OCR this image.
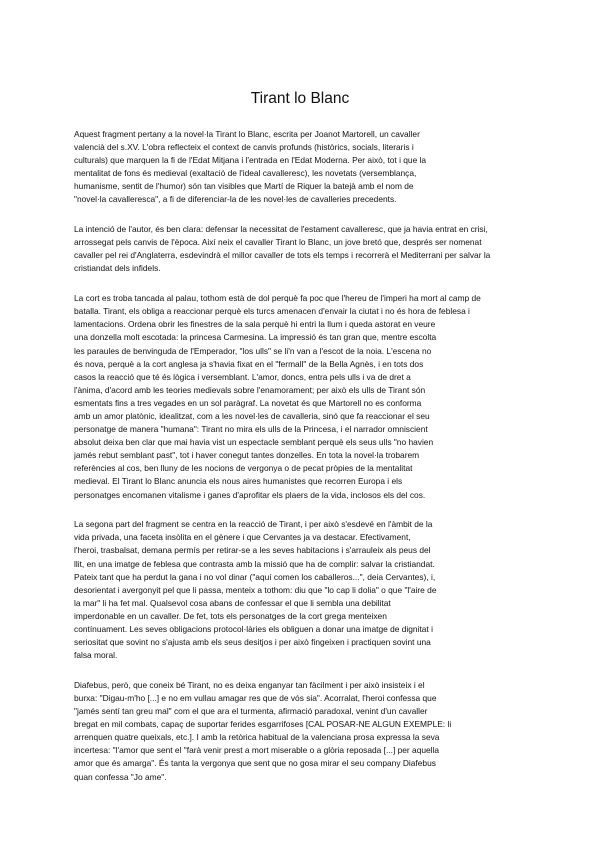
Tirant lo Blanc

Aquest fragment pertany a la novel·la Tirant lo Blanc, escrita per Joanot Martorell, un cavaller
valencià del s.XV. L'obra reflecteix el context de canvis profunds (històrics, socials, literaris i
culturals) que marquen la fi de l'Edat Mitjana i l'entrada en l'Edat Moderna. Per això, tot i que la
mentalitat de fons és medieval (exaltació de l'ideal cavalleresc), les novetats (versemblança,
humanisme, sentit de l'humor) són tan visibles que Martí de Riquer la batejà amb el nom de
"novel·la cavalleresca", a fi de diferenciar-la de les novel·les de cavalleries precedents.

La intenció de l'autor, és ben clara: defensar la necessitat de l'estament cavalleresc, que ja havia entrat en crisi,
arrossegat pels canvis de l'època. Així neix el cavaller Tirant lo Blanc, un jove bretó que, després ser nomenat
cavaller pel rei d'Anglaterra, esdevindrà el millor cavaller de tots els temps i recorrerà el Mediterrani per salvar la
cristiandat dels infidels.

La cort es troba tancada al palau, tothom està de dol perquè fa poc que l'hereu de l'imperi ha mort al camp de
batalla. Tirant, els obliga a reaccionar perquè els turcs amenacen d'envair la ciutat i no és hora de feblesa i
lamentacions. Ordena obrir les finestres de la sala perquè hi entri la llum i queda astorat en veure
una donzella molt escotada: la princesa Carmesina. La impressió és tan gran que, mentre escolta
les paraules de benvinguda de l'Emperador, "los ulls" se li'n van a l'escot de la noia. L'escena no
és nova, perquè a la cort anglesa ja s'havia fixat en el "fermall" de la Bella Agnès, i en tots dos
casos la reacció que té és lògica i versemblant. L'amor, doncs, entra pels ulls i va de dret a
l'ànima, d'acord amb les teories medievals sobre l'enamorament; per això els ulls de Tirant són
esmentats fins a tres vegades en un sol paràgraf. La novetat és que Martorell no es conforma
amb un amor platònic, idealitzat, com a les novel·les de cavalleria, sinó que fa reaccionar el seu
personatge de manera "humana": Tirant no mira els ulls de la Princesa, i el narrador omniscient
absolut deixa ben clar que mai havia vist un espectacle semblant perquè els seus ulls "no havien
jamés rebut semblant past", tot i haver conegut tantes donzelles. En tota la novel·la trobarem
referències al cos, ben lluny de les nocions de vergonya o de pecat pròpies de la mentalitat
medieval. El Tirant lo Blanc anuncia els nous aires humanistes que recorren Europa i els
personatges encomanen vitalisme i ganes d'aprofitar els plaers de la vida, inclosos els del cos.

La segona part del fragment se centra en la reacció de Tirant, i per això s'esdevé en l'àmbit de la
vida privada, una faceta insòlita en el gènere i que Cervantes ja va destacar. Efectivament,
l'heroi, trasbalsat, demana permís per retirar-se a les seves habitacions i s'arrauleix als peus del
llit, en una imatge de feblesa que contrasta amb la missió que ha de complir: salvar la cristiandat.
Pateix tant que ha perdut la gana i no vol dinar ("aquí comen los caballeros...", deia Cervantes), i,
desorientat i avergonyit pel que li passa, menteix a tothom: diu que "lo cap li dolia" o que "l'aire de
la mar" li ha fet mal. Qualsevol cosa abans de confessar el que li sembla una debilitat
imperdonable en un cavaller. De fet, tots els personatges de la cort grega menteixen
contínuament. Les seves obligacions protocol·làries els obliguen a donar una imatge de dignitat i
seriositat que sovint no s'ajusta amb els seus desitjos i per això fingeixen i practiquen sovint una
falsa moral.

Diafebus, però, que coneix bé Tirant, no es deixa enganyar tan fàcilment i per això insisteix i el
burxa: "Digau-m'ho [...] e no em vullau amagar res que de vós sia". Acorralat, l'heroi confessa que
"jamés sentí tan greu mal" com el que ara el turmenta, afirmació paradoxal, venint d'un cavaller
bregat en mil combats, capaç de suportar ferides esgarrifoses [CAL POSAR-NE ALGUN EXEMPLE: li
arrenquen quatre queixals, etc.]. I amb la retòrica habitual de la valenciana prosa expressa la seva
incertesa: "l'amor que sent el "farà venir prest a mort miserable o a glòria reposada [...] per aquella
amor que és amarga". És tanta la vergonya que sent que no gosa mirar el seu company Diafebus
quan confessa "Jo ame".
